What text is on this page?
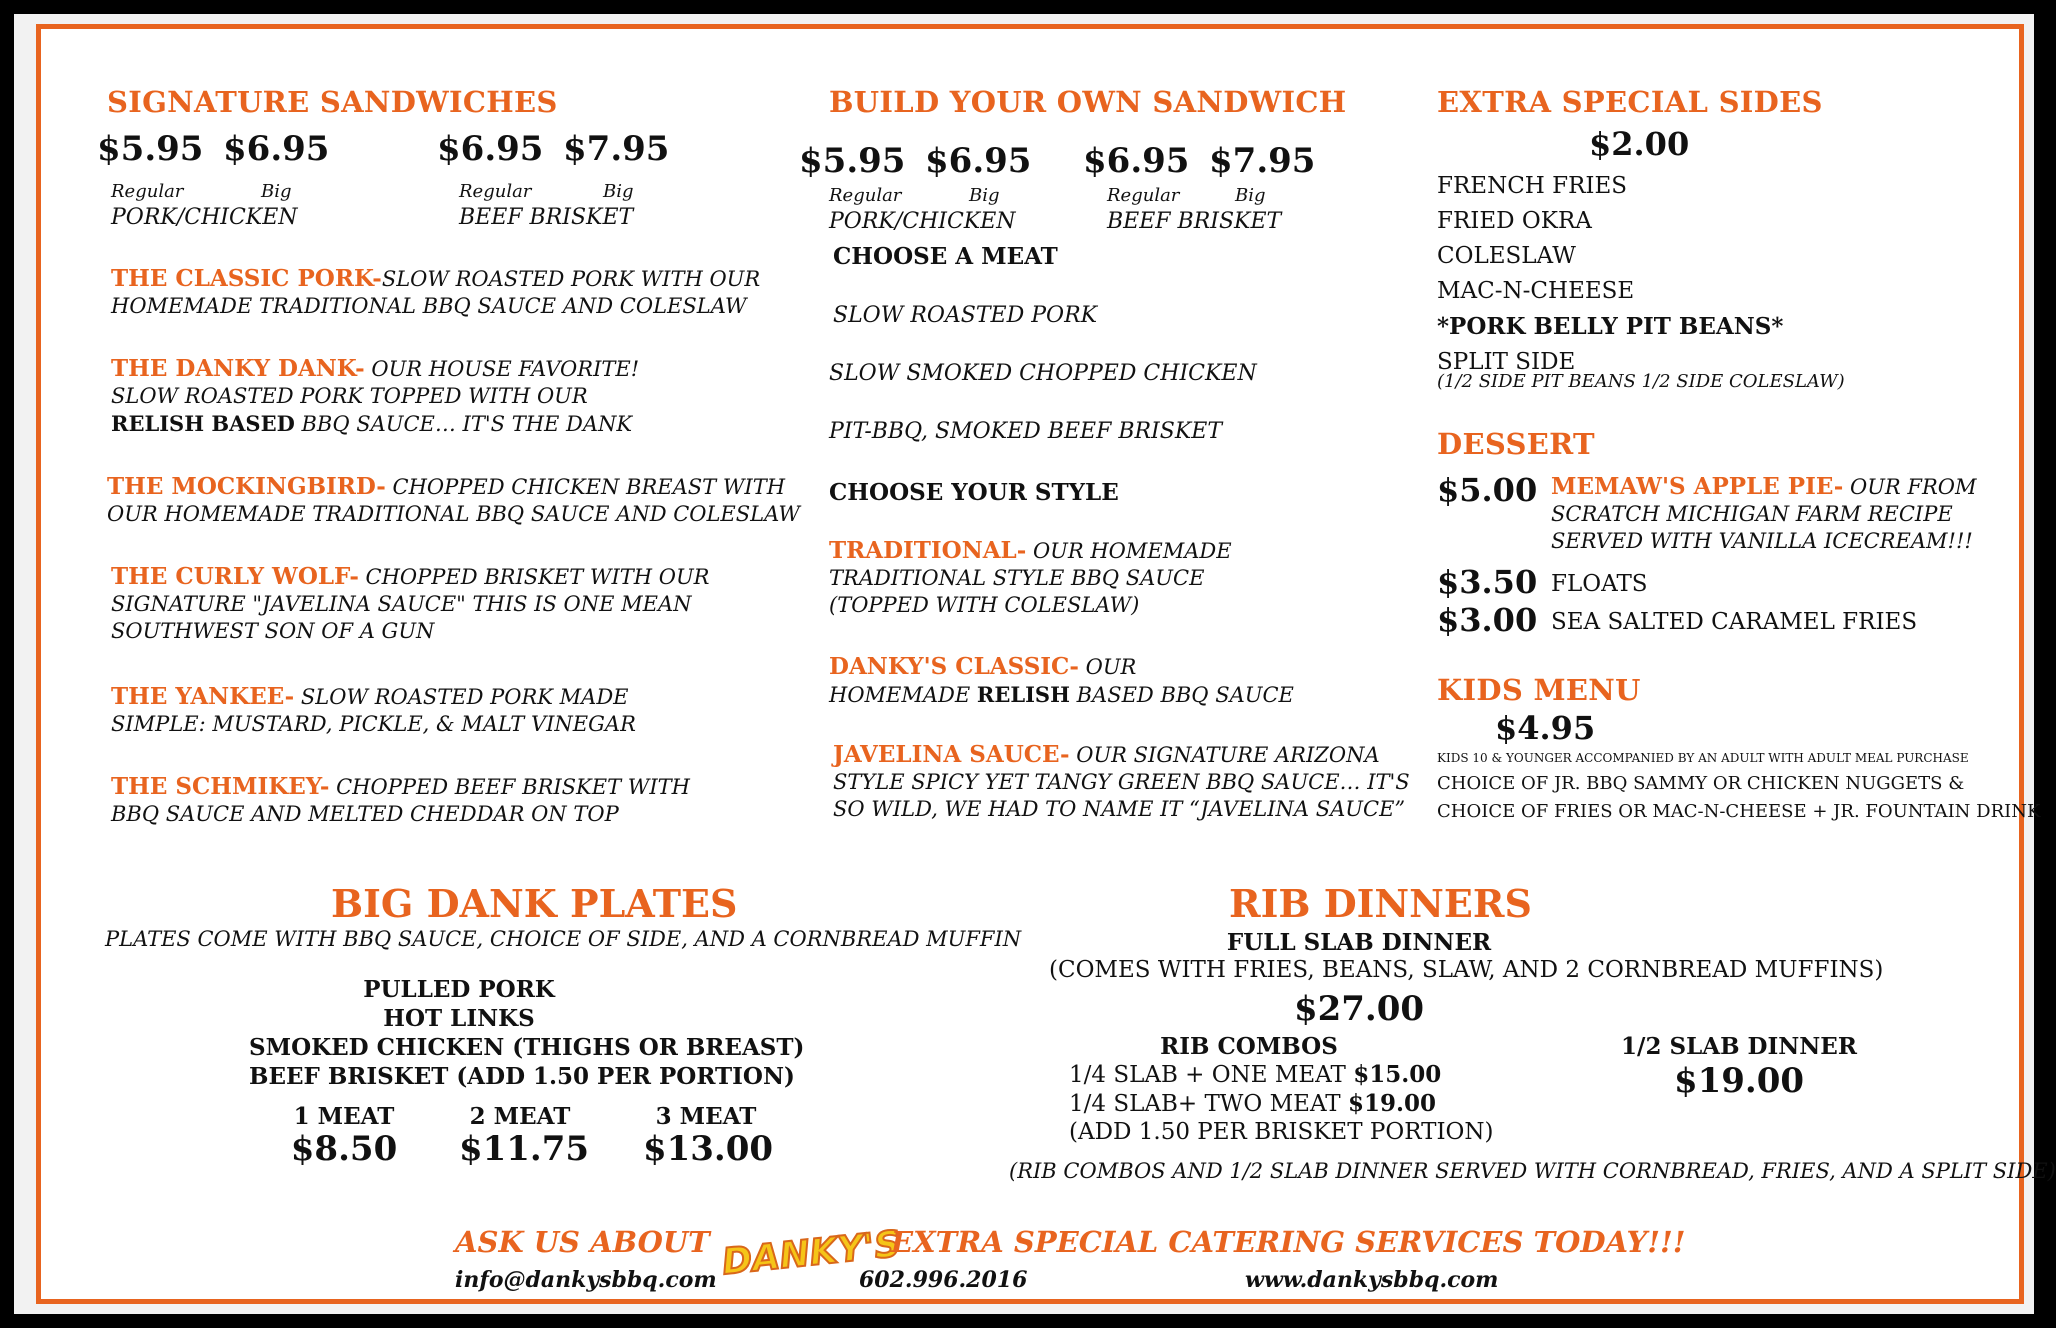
SIGNATURE SANDWICHES
$5.95 $6.95	$6.95 $7.95
Regular	Big	Regular	Big
PORK/CHICKEN	BEEF BRISKET
THE CLASSIC PORK-SLOW ROASTED PORK WITH OUR
HOMEMADE TRADITIONAL BBQ SAUCE AND COLESLAW
THE DANKY DANK- OUR HOUSE FAVORITE!
SLOW ROASTED PORK TOPPED WITH OUR
RELISH BASED BBQ SAUCE… IT'S THE DANK
THE MOCKINGBIRD- CHOPPED CHICKEN BREAST WITH
OUR HOMEMADE TRADITIONAL BBQ SAUCE AND COLESLAW
THE CURLY WOLF- CHOPPED BRISKET WITH OUR
SIGNATURE "JAVELINA SAUCE" THIS IS ONE MEAN
SOUTHWEST SON OF A GUN
THE YANKEE- SLOW ROASTED PORK MADE
SIMPLE: MUSTARD, PICKLE, & MALT VINEGAR
THE SCHMIKEY- CHOPPED BEEF BRISKET WITH
BBQ SAUCE AND MELTED CHEDDAR ON TOP
BUILD YOUR OWN SANDWICH
$5.95 $6.95 $6.95 $7.95
Regular	Big	Regular	Big
PORK/CHICKEN	BEEF BRISKET
CHOOSE A MEAT
SLOW ROASTED PORK
SLOW SMOKED CHOPPED CHICKEN
PIT-BBQ, SMOKED BEEF BRISKET
CHOOSE YOUR STYLE
TRADITIONAL- OUR HOMEMADE
TRADITIONAL STYLE BBQ SAUCE
(TOPPED WITH COLESLAW)
DANKY'S CLASSIC- OUR
HOMEMADE RELISH BASED BBQ SAUCE
JAVELINA SAUCE- OUR SIGNATURE ARIZONA
STYLE SPICY YET TANGY GREEN BBQ SAUCE… IT'S
SO WILD, WE HAD TO NAME IT “JAVELINA SAUCE”
EXTRA SPECIAL SIDES
$2.00
FRENCH FRIES
FRIED OKRA
COLESLAW
MAC-N-CHEESE
*PORK BELLY PIT BEANS*
SPLIT SIDE
(1/2 SIDE PIT BEANS 1/2 SIDE COLESLAW)
DESSERT
$5.00 MEMAW'S APPLE PIE- OUR FROM
SCRATCH MICHIGAN FARM RECIPE
SERVED WITH VANILLA ICECREAM!!!
$3.50 FLOATS
$3.00 SEA SALTED CARAMEL FRIES
KIDS MENU
$4.95
KIDS 10 & YOUNGER ACCOMPANIED BY AN ADULT WITH ADULT MEAL PURCHASE
CHOICE OF JR. BBQ SAMMY OR CHICKEN NUGGETS &
CHOICE OF FRIES OR MAC-N-CHEESE + JR. FOUNTAIN DRINK
BIG DANK PLATES
PLATES COME WITH BBQ SAUCE, CHOICE OF SIDE, AND A CORNBREAD MUFFIN
PULLED PORK
HOT LINKS
SMOKED CHICKEN (THIGHS OR BREAST)
BEEF BRISKET (ADD 1.50 PER PORTION)
1 MEAT
$8.50
2 MEAT
$11.75
3 MEAT
$13.00
RIB DINNERS
FULL SLAB DINNER
(COMES WITH FRIES, BEANS, SLAW, AND 2 CORNBREAD MUFFINS)
$27.00
RIB COMBOS
1/4 SLAB + ONE MEAT $15.00
1/4 SLAB+ TWO MEAT $19.00
(ADD 1.50 PER BRISKET PORTION)
1/2 SLAB DINNER
$19.00
(RIB COMBOS AND 1/2 SLAB DINNER SERVED WITH CORNBREAD, FRIES, AND A SPLIT SIDE)
ASK US ABOUT DANKY'S
EXTRA SPECIAL CATERING SERVICES TODAY!!!
info@dankysbbq.com	602.996.2016	www.dankysbbq.com
